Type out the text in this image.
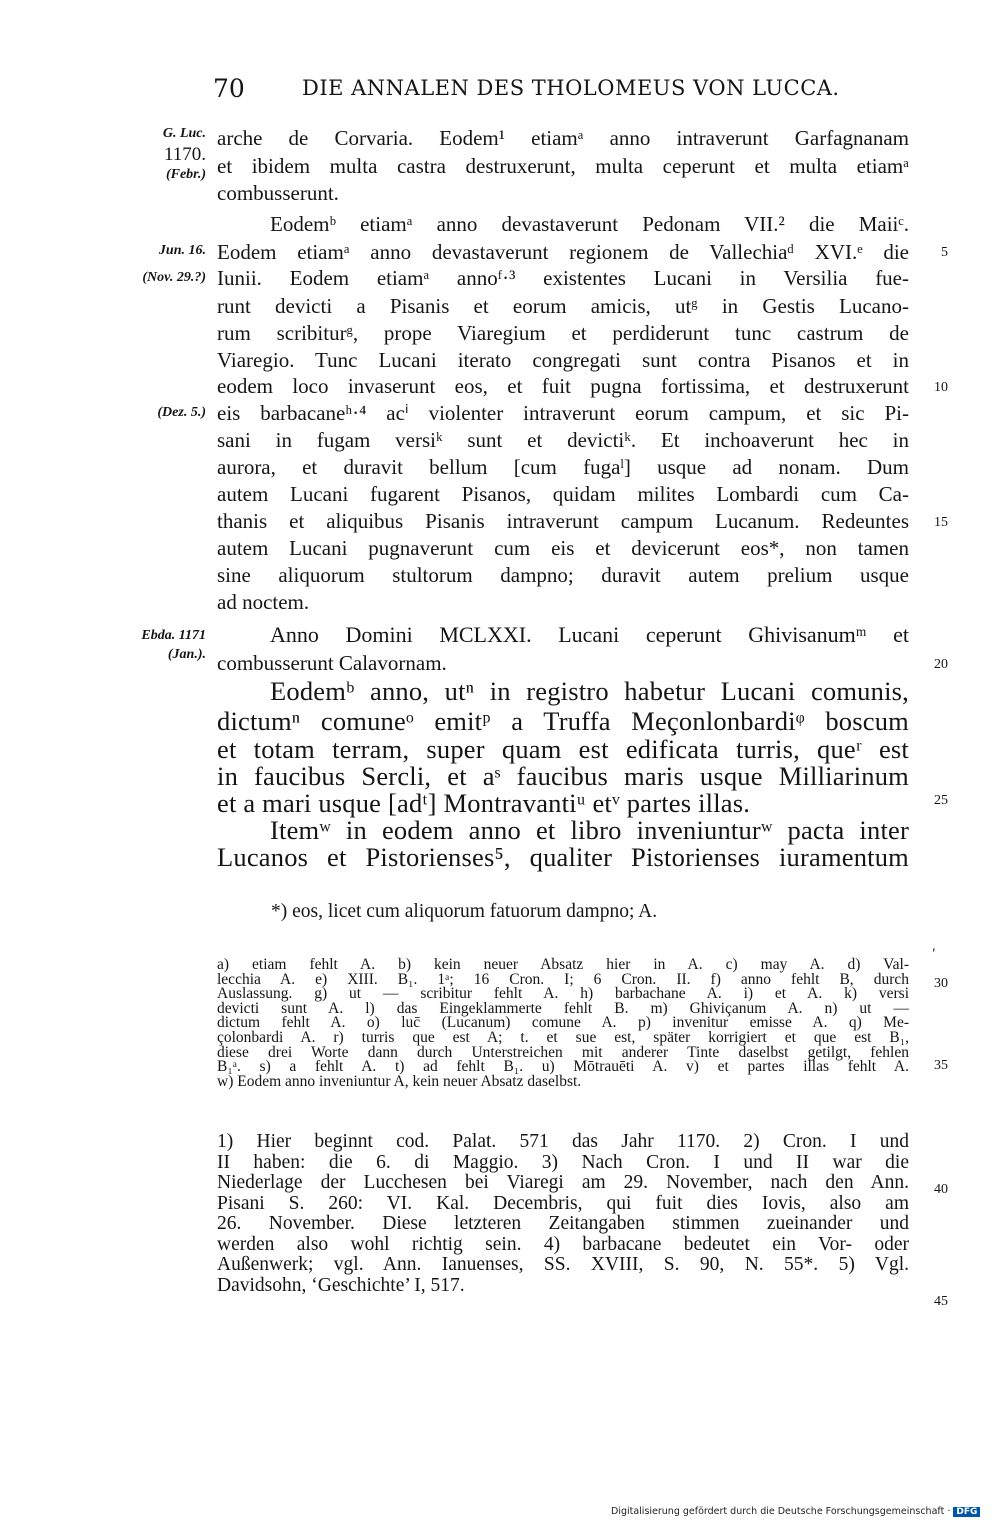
70	DIE ANNALEN DES THOLOMEUS VON LUCCA.
G. Luc.
1170.
(Febr.)
Jun. 16.
(Nov. 29.?)
(Dez. 5.)
Ebda. 1171
(Jan.).
5
10
15
20
25
30
35
40
45
ʹ
arche de Corvaria. Eodem¹ etiamᵃ anno intraverunt Garfagnanam
et ibidem multa castra destruxerunt, multa ceperunt et multa etiamᵃ
combusserunt.
Eodemᵇ etiamᵃ anno devastaverunt Pedonam VII.² die Maiiᶜ.
Eodem etiamᵃ anno devastaverunt regionem de Vallechiaᵈ XVI.ᵉ die
Iunii. Eodem etiamᵃ annoᶠ·³ existentes Lucani in Versilia fue-
runt devicti a Pisanis et eorum amicis, utᵍ in Gestis Lucano-
rum scribiturᵍ, prope Viaregium et perdiderunt tunc castrum de
Viaregio. Tunc Lucani iterato congregati sunt contra Pisanos et in
eodem loco invaserunt eos, et fuit pugna fortissima, et destruxerunt
eis barbacaneʰ·⁴ acⁱ violenter intraverunt eorum campum, et sic Pi-
sani in fugam versiᵏ sunt et devictiᵏ. Et inchoaverunt hec in
aurora, et duravit bellum [cum fugaˡ] usque ad nonam. Dum
autem Lucani fugarent Pisanos, quidam milites Lombardi cum Ca-
thanis et aliquibus Pisanis intraverunt campum Lucanum. Redeuntes
autem Lucani pugnaverunt cum eis et devicerunt eos*, non tamen
sine aliquorum stultorum dampno; duravit autem prelium usque
ad noctem.
Anno Domini MCLXXI. Lucani ceperunt Ghivisanumᵐ et
combusserunt Calavornam.
Eodemᵇ anno, utⁿ in registro habetur Lucani comunis,
dictumⁿ comuneᵒ emitᵖ a Truffa Meçonlonbardiᵠ boscum
et totam terram, super quam est edificata turris, queʳ est
in faucibus Sercli, et aˢ faucibus maris usque Milliarinum
et a mari usque [adᵗ] Montravantiᵘ etᵛ partes illas.
Itemʷ in eodem anno et libro inveniunturʷ pacta inter
Lucanos et Pistorienses⁵, qualiter Pistorienses iuramentum
*) eos, licet cum aliquorum fatuorum dampno; A.
a) etiam fehlt A. b) kein neuer Absatz hier in A. c) may A. d) Val-
lecchia A. e) XIII. B₁. 1ᵃ; 16 Cron. I; 6 Cron. II. f) anno fehlt B, durch
Auslassung. g) ut — scribitur fehlt A. h) barbachane A. i) et A. k) versi
devicti sunt A. l) das Eingeklammerte fehlt B. m) Ghiviçanum A. n) ut —
dictum fehlt A. o) luc̄ (Lucanum) comune A. p) invenitur emisse A. q) Me-
çolonbardi A. r) turris que est A; t. et sue est, später korrigiert et que est B₁,
diese drei Worte dann durch Unterstreichen mit anderer Tinte daselbst getilgt, fehlen
B₁ᵃ. s) a fehlt A. t) ad fehlt B₁. u) Mōtrauēti A. v) et partes illas fehlt A.
w) Eodem anno inveniuntur A, kein neuer Absatz daselbst.
1) Hier beginnt cod. Palat. 571 das Jahr 1170. 2) Cron. I und
II haben: die 6. di Maggio. 3) Nach Cron. I und II war die
Niederlage der Lucchesen bei Viaregi am 29. November, nach den Ann.
Pisani S. 260: VI. Kal. Decembris, qui fuit dies Iovis, also am
26. November. Diese letzteren Zeitangaben stimmen zueinander und
werden also wohl richtig sein. 4) barbacane bedeutet ein Vor- oder
Außenwerk; vgl. Ann. Ianuenses, SS. XVIII, S. 90, N. 55*. 5) Vgl.
Davidsohn, ‘Geschichte’ I, 517.
Digitalisierung gefördert durch die Deutsche Forschungsgemeinschaft · DFG
